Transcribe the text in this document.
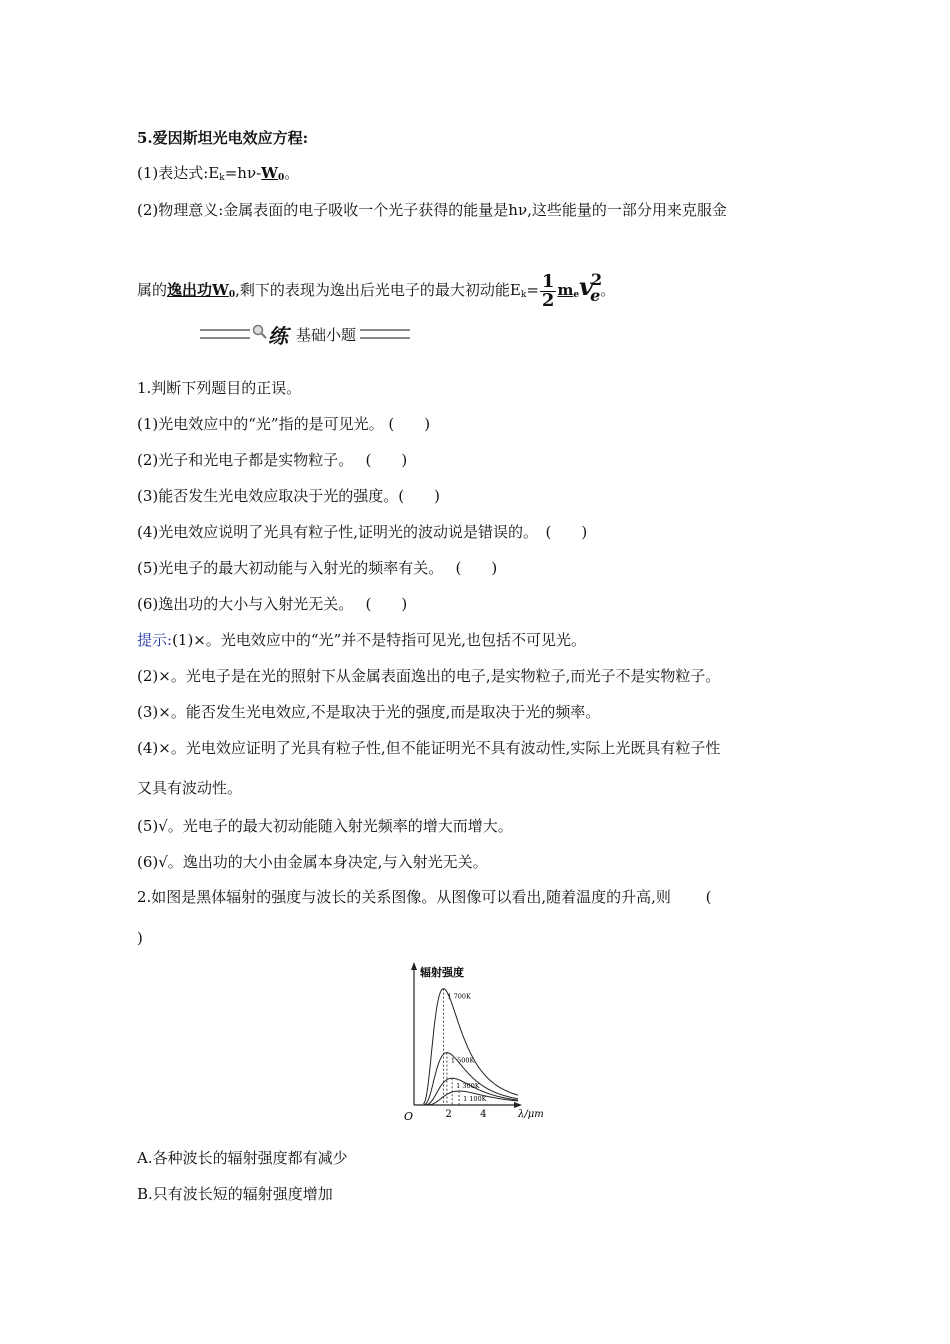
5.爱因斯坦光电效应方程:
(1)表达式$:E_k=h\nu-W_0$。
(2)物理意义:金属表面的电子吸收一个光子获得的能量是hν,这些能量的一部分用来克服金
属的逸出功$W_0$,剩下的表现为逸出后光电子的最大初动能$E_k= \frac{1}{2} m_ev^2_e$。
练 基础小题
1.判断下列题目的正误。
(1)光电效应中的“光”指的是可见光。 (　　)
(2)光子和光电子都是实物粒子。　 (　　)
(3)能否发生光电效应取决于光的强度。(　　)
(4)光电效应说明了光具有粒子性,证明光的波动说是错误的。　(　　)
(5)光电子的最大初动能与入射光的频率有关。　 (　　)
(6)逸出功的大小与入射光无关。　 (　　)
提示:(1)×。光电效应中的“光”并不是特指可见光,也包括不可见光。
(2)×。光电子是在光的照射下从金属表面逸出的电子,是实物粒子,而光子不是实物粒子。
(3)×。能否发生光电效应,不是取决于光的强度,而是取决于光的频率。
(4)×。光电效应证明了光具有粒子性,但不能证明光不具有波动性,实际上光既具有粒子性
又具有波动性。
(5)√。光电子的最大初动能随入射光频率的增大而增大。
(6)√。逸出功的大小由金属本身决定,与入射光无关。
2.如图是黑体辐射的强度与波长的关系图像。从图像可以看出,随着温度的升高,则　　 (
)
辐射强度
λ/μm
O	2	4
1 700K
1 500K
1 300K
1 100K
A.各种波长的辐射强度都有减少
B.只有波长短的辐射强度增加
